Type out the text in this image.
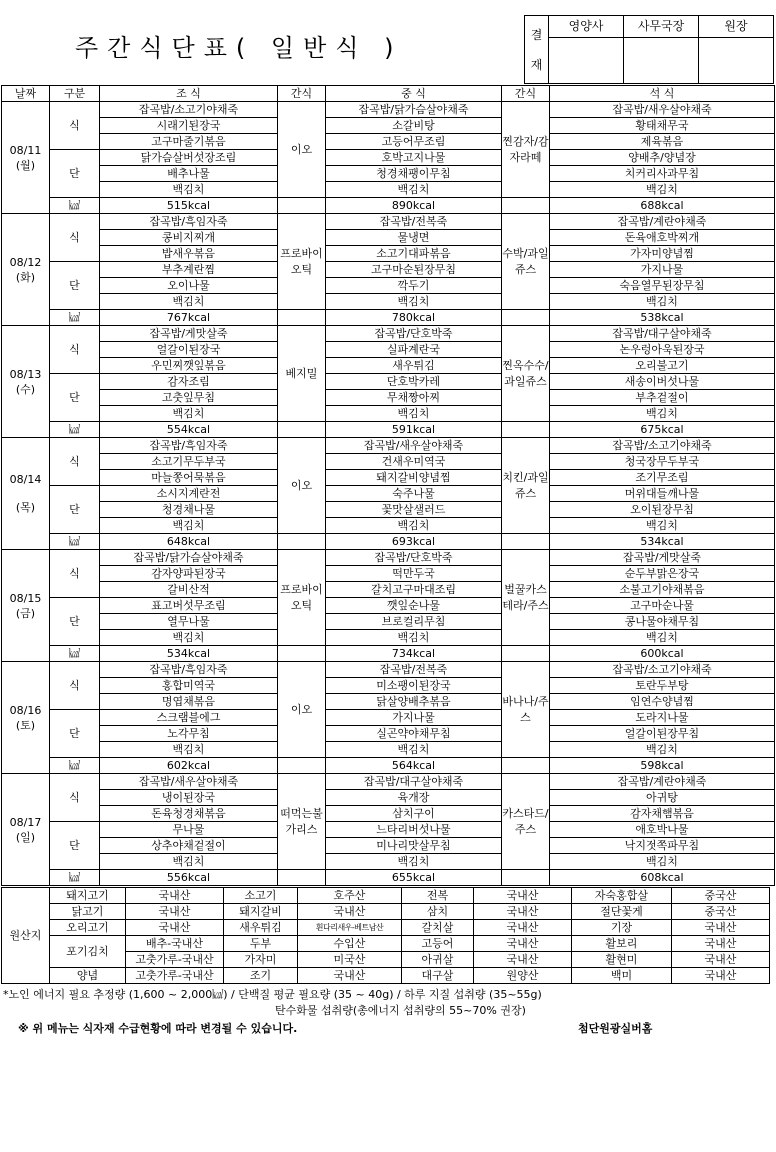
주간식단표( 일반식 )	결
재	영양사	사무국장	원장

날짜	구분	조 식	간식	중 식	간식	석 식

08/11
(월)	식	잡곡밥/소고기야채죽	이오	잡곡밥/닭가슴살야채죽	찐감자/감자라떼	잡곡밥/새우살야채죽
		시래기된장국		소갈비탕		황태채무국
		고구마줄기볶음		고등어무조림		제육볶음
	단	닭가슴살버섯장조림		호박고지나물		양배추/양념장
		배추나물		청경채팽이무침		치커리사과무침
		백김치		백김치		백김치
	㎉	515kcal		890kcal		688kcal

08/12
(화)	식	잡곡밥/흑임자죽	프로바이오틱	잡곡밥/전복죽	수박/과일쥬스	잡곡밥/계란야채죽
		콩비지찌개		물냉면		돈육애호박찌개
		밥새우볶음		소고기대파볶음		가자미양념찜
	단	부추계란찜		고구마순된장무침		가지나물
		오이나물		깍두기		숙음열무된장무침
		백김치		백김치		백김치
	㎉	767kcal		780kcal		538kcal

08/13
(수)	식	잡곡밥/게맛살죽	베지밀	잡곡밥/단호박죽	찐옥수수/과일쥬스	잡곡밥/대구살야채죽
		얼갈이된장국		실파계란국		논우렁아욱된장국
		우민찌깻잎볶음		새우튀김		오리불고기
	단	감자조림		단호박카레		새송이버섯나물
		고춧잎무침		무채짱아찌		부추겉절이
		백김치		백김치		백김치
	㎉	554kcal		591kcal		675kcal

08/14
(목)	식	잡곡밥/흑임자죽	이오	잡곡밥/새우살야채죽	치킨/과일쥬스	잡곡밥/소고기야채죽
		소고기무두부국		건새우미역국		청국장무두부국
		마늘쫑어묵볶음		돼지갈비양념찜		조기무조림
	단	소시지계란전		숙주나물		머위대들깨나물
		청경채나물		꽃맛살샐러드		오이된장무침
		백김치		백김치		백김치
	㎉	648kcal		693kcal		534kcal

08/15
(금)	식	잡곡밥/닭가슴살야채죽	프로바이오틱	잡곡밥/단호박죽	벌꿀카스테라/주스	잡곡밥/게맛살죽
		감자양파된장국		떡만두국		순두부맑은장국
		갈비산적		갈치고구마대조림		소불고기야채볶음
	단	표고버섯무조림		깻잎순나물		고구마순나물
		열무나물		브로컬리무침		콩나물야채무침
		백김치		백김치		백김치
	㎉	534kcal		734kcal		600kcal

08/16
(토)	식	잡곡밥/흑임자죽	이오	잡곡밥/전복죽	바나나/주스	잡곡밥/소고기야채죽
		홍합미역국		미소팽이된장국		토란두부탕
		명엽채볶음		닭살양배추볶음		임연수양념찜
	단	스크램블에그		가지나물		도라지나물
		노각무침		실곤약야채무침		얼갈이된장무침
		백김치		백김치		백김치
	㎉	602kcal		564kcal		598kcal

08/17
(일)	식	잡곡밥/새우살야채죽	떠먹는불가리스	잡곡밥/대구살야채죽	카스타드/주스	잡곡밥/계란야채죽
		냉이된장국		육개장		아귀탕
		돈육청경채볶음		삼치구이		감자채햄볶음
	단	무나물		느타리버섯나물		애호박나물
		상추야채겉절이		미나리맛살무침		낙지젓쪽파무침
		백김치		백김치		백김치
	㎉	556kcal		655kcal		608kcal
원산지	돼지고기	국내산	소고기	호주산	전복	국내산	자숙홍합살	중국산
	닭고기	국내산	돼지갈비	국내산	삼치	국내산	절단꽃게	중국산
	오리고기	국내산	새우튀김	흰다리새우-베트남산	갈치살	국내산	기장	국내산
	포기김치	배추-국내산	두부	수입산	고등어	국내산	활보리	국내산
		고춧가루-국내산	가자미	미국산	아귀살	국내산	활현미	국내산
	양념	고춧가루-국내산	조기	국내산	대구살	원양산	백미	국내산
*노인 에너지 필요 추정량 (1,600 ~ 2,000㎉) / 단백질 평균 필요량 (35 ~ 40g) / 하루 지질 섭취량 (35~55g)
탄수화물 섭취량(총에너지 섭취량의 55~70% 권장)
※ 위 메뉴는 식자재 수급현황에 따라 변경될 수 있습니다.	첨단원광실버홈
